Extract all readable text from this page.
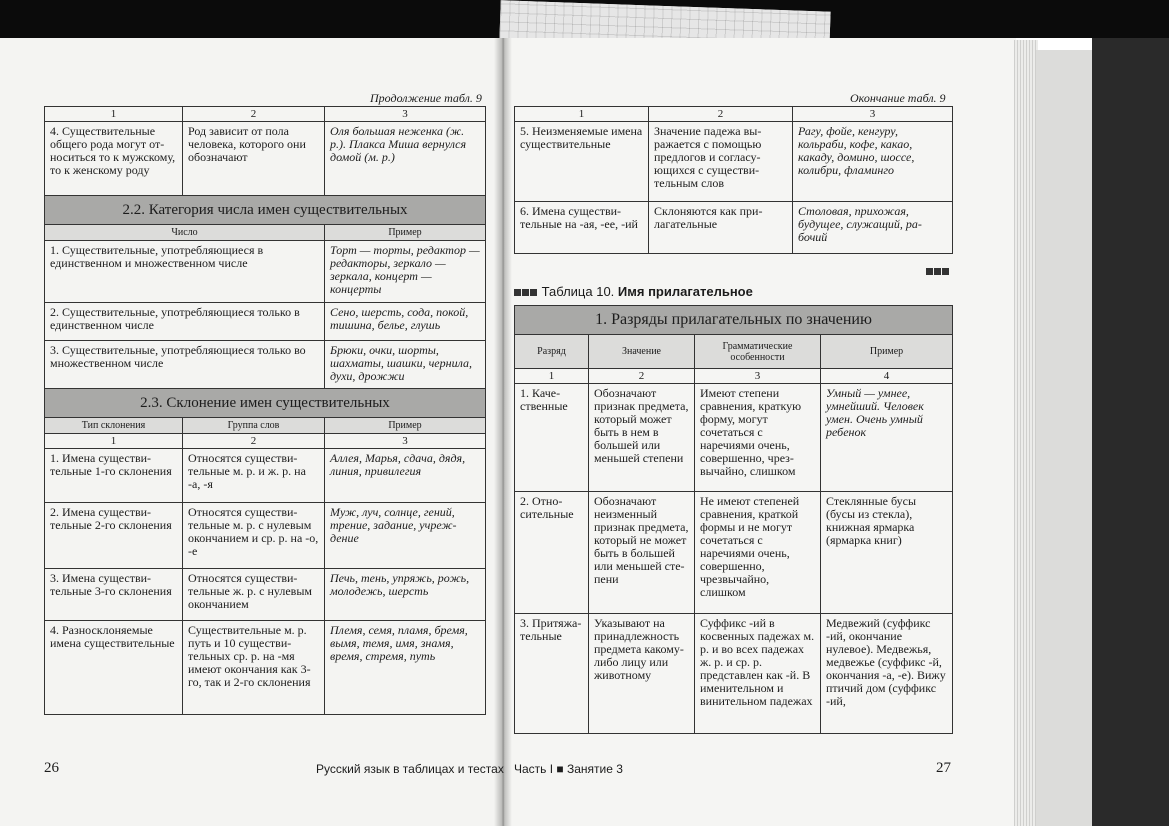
Продолжение табл. 9
1	2	3
4. Существительные общего рода могут относиться то к мужскому, то к женскому роду	Род зависит от пола человека, которого они обозначают	Оля большая неженка (ж. р.). Плакса Миша вернулся домой (м. р.)
2.2. Категория числа имен существительных		
Число		Пример
1. Существительные, употребляющиеся в единственном и множественном числе		Торт — торты, редактор — редакторы, зеркало — зеркала, концерт — концерты
2. Существительные, употребляющиеся только в единственном числе		Сено, шерсть, сода, покой, тишина, белье, глушь
3. Существительные, употребляющиеся только во множественном числе		Брюки, очки, шорты, шахматы, шашки, чернила, духи, дрожжи
2.3. Склонение имен существительных		
Тип склонения	Группа слов	Пример
1	2	3
1. Имена существительные 1-го склонения	Относятся существительные м. р. и ж. р. на -а, -я	Аллея, Марья, сдача, дядя, линия, привилегия
2. Имена существительные 2-го склонения	Относятся существительные м. р. с нулевым окончанием и ср. р. на -о, -е	Муж, луч, солнце, гений, трение, задание, учреждение
3. Имена существительные 3-го склонения	Относятся существительные ж. р. с нулевым окончанием	Печь, тень, упряжь, рожь, молодежь, шерсть
4. Разносклоняемые имена существительные	Существительные м. р. путь и 10 существительных ср. р. на -мя имеют окончания как 3-го, так и 2-го склонения	Племя, семя, пламя, бремя, вымя, темя, имя, знамя, время, стремя, путь
26	Русский язык в таблицах и тестах
Окончание табл. 9
1	2	3
5. Неизменяемые имена существительные	Значение падежа выражается с помощью предлогов и согласующихся с существительным слов	Рагу, фойе, кенгуру, кольраби, кофе, какао, какаду, домино, шоссе, колибри, фламинго
6. Имена существительные на -ая, -ее, -ий	Склоняются как прилагательные	Столовая, прихожая, будущее, служащий, рабочий
Таблица 10. Имя прилагательное
1. Разряды прилагательных по значению			
Разряд	Значение	Грамматические особенности	Пример
1	2	3	4
1. Качественные	Обозначают признак предмета, который может быть в нем в большей или меньшей степени	Имеют степени сравнения, краткую форму, могут сочетаться с наречиями очень, совершенно, чрезвычайно, слишком	Умный — умнее, умнейший. Человек умен. Очень умный ребенок
2. Относительные	Обозначают неизменный признак предмета, который не может быть в большей или меньшей степени	Не имеют степеней сравнения, краткой формы и не могут сочетаться с наречиями очень, совершенно, чрезвычайно, слишком	Стеклянные бусы (бусы из стекла), книжная ярмарка (ярмарка книг)
3. Притяжательные	Указывают на принадлежность предмета какому-либо лицу или животному	Суффикс -ий в косвенных падежах м. р. и во всех падежах ж. р. и ср. р. представлен как -й. В именительном и винительном падежах	Медвежий (суффикс -ий, окончание нулевое). Медвежья, медвежье (суффикс -й, окончания -а, -е). Вижу птичий дом (суффикс -ий,
Часть I ■ Занятие 3	27
